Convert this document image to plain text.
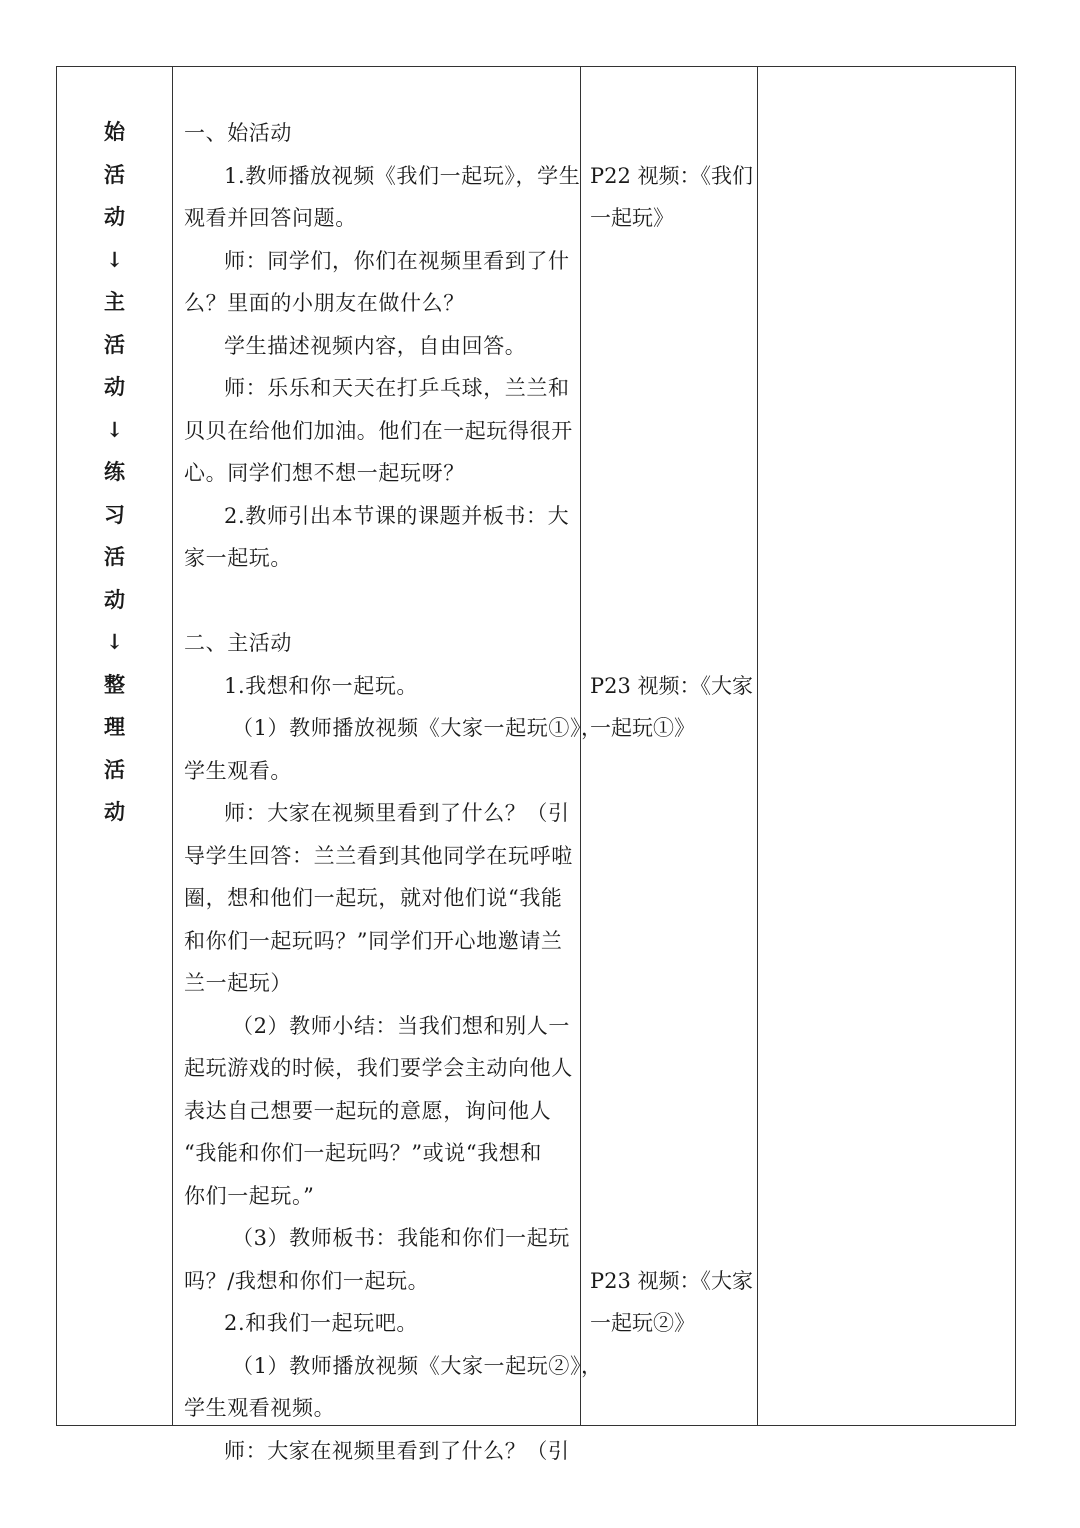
始
活
动
↓
主
活
动
↓
练
习
活
动
↓
整
理
活
动
一、始活动
1.教师播放视频《我们一起玩》，学生
观看并回答问题。
师：同学们，你们在视频里看到了什
么？里面的小朋友在做什么？
学生描述视频内容，自由回答。
师：乐乐和天天在打乒乓球，兰兰和
贝贝在给他们加油。他们在一起玩得很开
心。同学们想不想一起玩呀？
2.教师引出本节课的课题并板书：大
家一起玩。
二、主活动
1.我想和你一起玩。
（1）教师播放视频《大家一起玩①》，
学生观看。
师：大家在视频里看到了什么？（引
导学生回答：兰兰看到其他同学在玩呼啦
圈，想和他们一起玩，就对他们说“我能
和你们一起玩吗？”同学们开心地邀请兰
兰一起玩）
（2）教师小结：当我们想和别人一
起玩游戏的时候，我们要学会主动向他人
表达自己想要一起玩的意愿，询问他人
“我能和你们一起玩吗？”或说“我想和
你们一起玩。”
（3）教师板书：我能和你们一起玩
吗？/我想和你们一起玩。
2.和我们一起玩吧。
（1）教师播放视频《大家一起玩②》，
学生观看视频。
师：大家在视频里看到了什么？（引
P22 视频：《我们
一起玩》
P23 视频：《大家
一起玩①》
P23 视频：《大家
一起玩②》
